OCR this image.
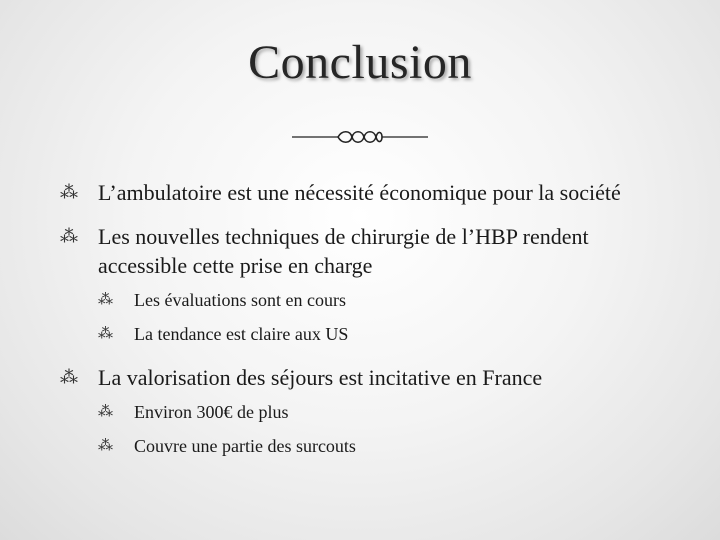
Conclusion
⁂ L’ambulatoire est une nécessité économique pour la société
⁂ Les nouvelles techniques de chirurgie de l’HBP rendent accessible cette prise en charge
⁂ Les évaluations sont en cours
⁂ La tendance est claire aux US
⁂ La valorisation des séjours est incitative en France
⁂ Environ 300€ de plus
⁂ Couvre une partie des surcouts
